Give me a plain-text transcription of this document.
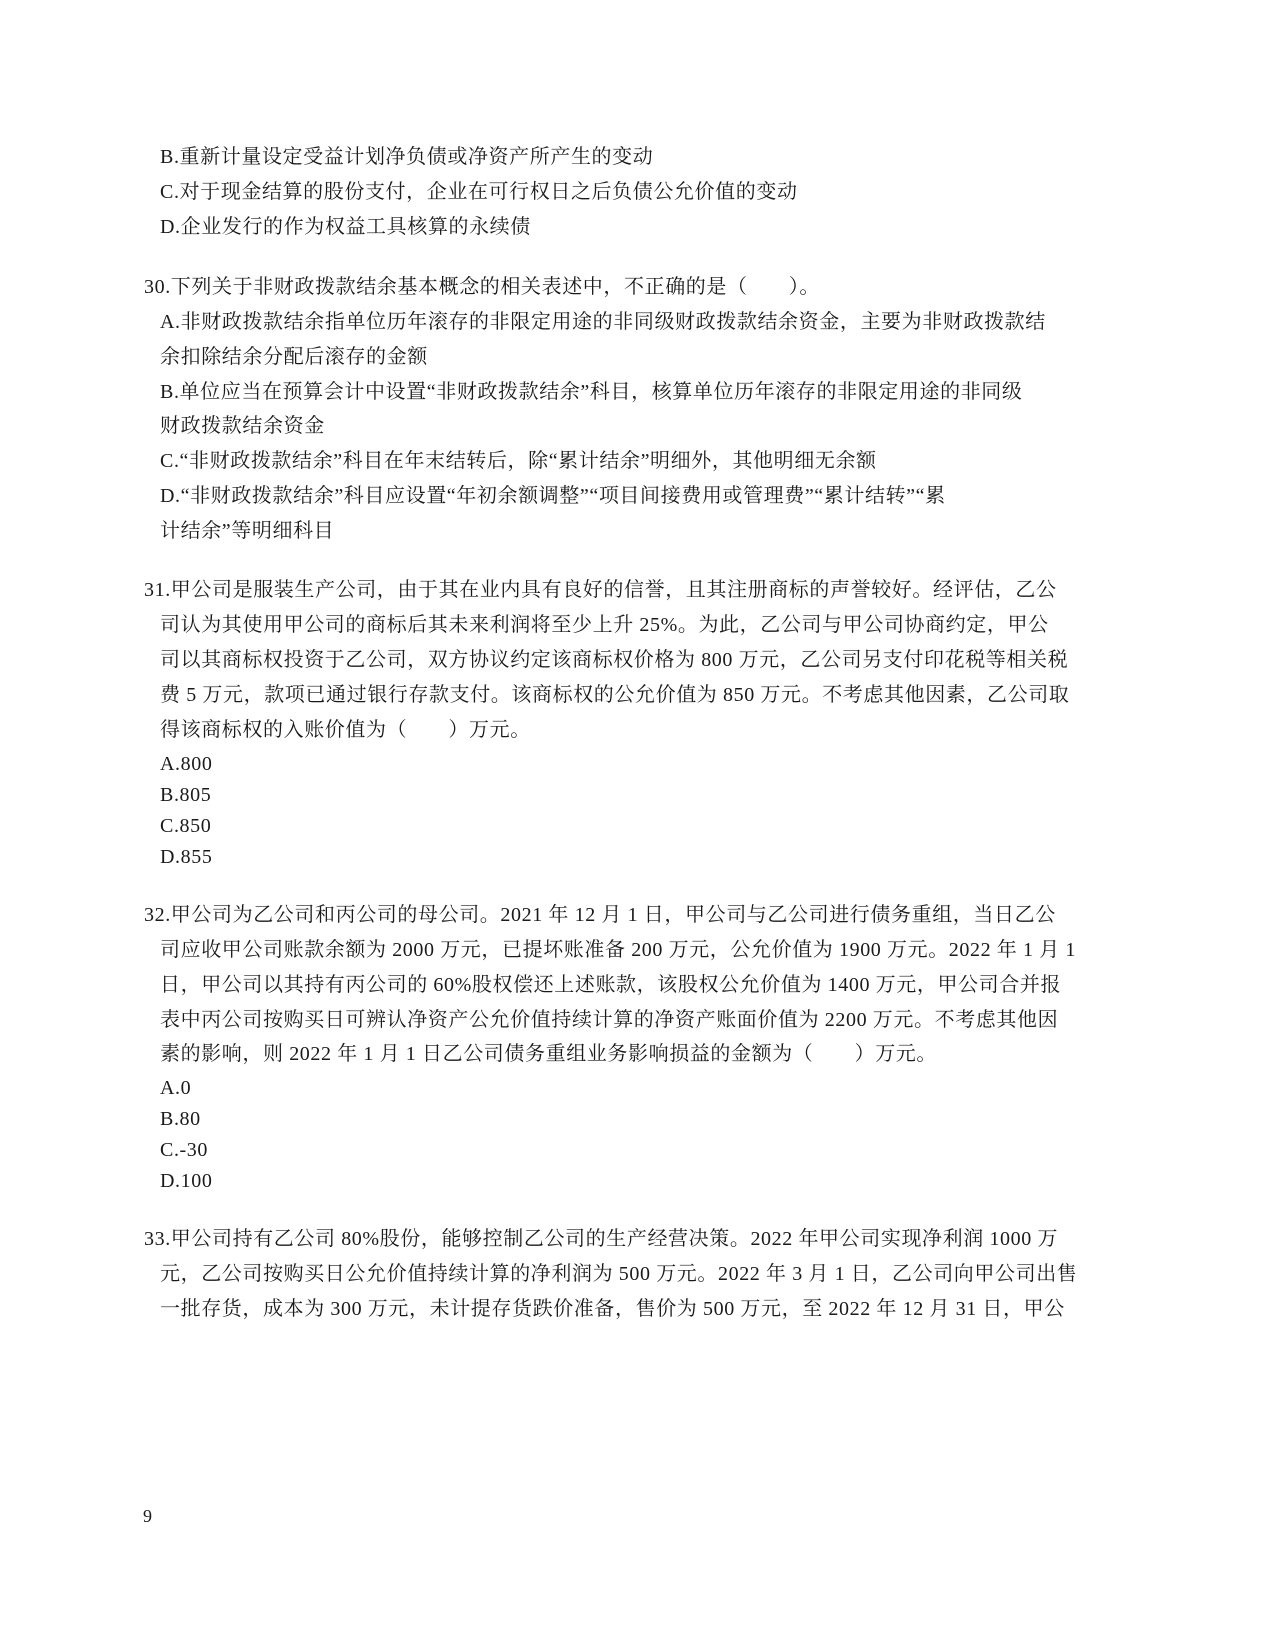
B.重新计量设定受益计划净负债或净资产所产生的变动
C.对于现金结算的股份支付，企业在可行权日之后负债公允价值的变动
D.企业发行的作为权益工具核算的永续债
30.下列关于非财政拨款结余基本概念的相关表述中，不正确的是（　　）。
A.非财政拨款结余指单位历年滚存的非限定用途的非同级财政拨款结余资金，主要为非财政拨款结
余扣除结余分配后滚存的金额
B.单位应当在预算会计中设置“非财政拨款结余”科目，核算单位历年滚存的非限定用途的非同级
财政拨款结余资金
C.“非财政拨款结余”科目在年末结转后，除“累计结余”明细外，其他明细无余额
D.“非财政拨款结余”科目应设置“年初余额调整”“项目间接费用或管理费”“累计结转”“累
计结余”等明细科目
31.甲公司是服装生产公司，由于其在业内具有良好的信誉，且其注册商标的声誉较好。经评估，乙公
司认为其使用甲公司的商标后其未来利润将至少上升 25%。为此，乙公司与甲公司协商约定，甲公
司以其商标权投资于乙公司，双方协议约定该商标权价格为 800 万元，乙公司另支付印花税等相关税
费 5 万元，款项已通过银行存款支付。该商标权的公允价值为 850 万元。不考虑其他因素，乙公司取
得该商标权的入账价值为（　　）万元。
A.800
B.805
C.850
D.855
32.甲公司为乙公司和丙公司的母公司。2021 年 12 月 1 日，甲公司与乙公司进行债务重组，当日乙公
司应收甲公司账款余额为 2000 万元，已提坏账准备 200 万元，公允价值为 1900 万元。2022 年 1 月 1
日，甲公司以其持有丙公司的 60%股权偿还上述账款，该股权公允价值为 1400 万元，甲公司合并报
表中丙公司按购买日可辨认净资产公允价值持续计算的净资产账面价值为 2200 万元。不考虑其他因
素的影响，则 2022 年 1 月 1 日乙公司债务重组业务影响损益的金额为（　　）万元。
A.0
B.80
C.-30
D.100
33.甲公司持有乙公司 80%股份，能够控制乙公司的生产经营决策。2022 年甲公司实现净利润 1000 万
元，乙公司按购买日公允价值持续计算的净利润为 500 万元。2022 年 3 月 1 日，乙公司向甲公司出售
一批存货，成本为 300 万元，未计提存货跌价准备，售价为 500 万元，至 2022 年 12 月 31 日，甲公
9
